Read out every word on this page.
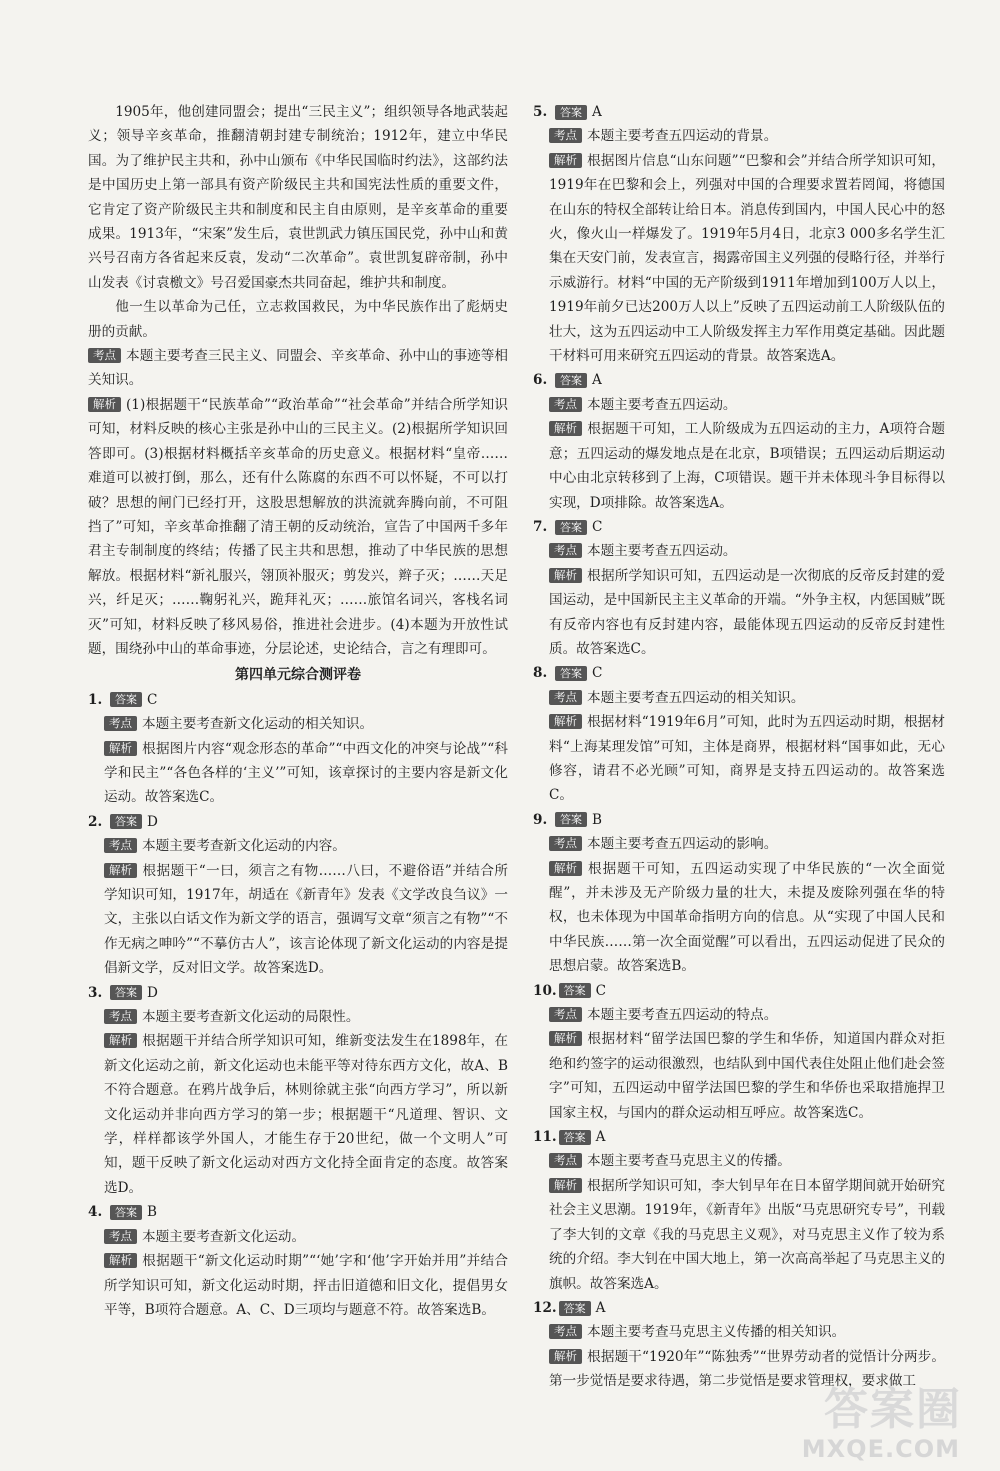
1905年，他创建同盟会；提出“三民主义”；组织领导各地武装起义；领导辛亥革命，推翻清朝封建专制统治；1912年，建立中华民国。为了维护民主共和，孙中山颁布《中华民国临时约法》，这部约法是中国历史上第一部具有资产阶级民主共和国宪法性质的重要文件，它肯定了资产阶级民主共和制度和民主自由原则，是辛亥革命的重要成果。1913年，“宋案”发生后，袁世凯武力镇压国民党，孙中山和黄兴号召南方各省起来反袁，发动“二次革命”。袁世凯复辟帝制，孙中山发表《讨袁檄文》号召爱国豪杰共同奋起，维护共和制度。

他一生以革命为己任，立志救国救民，为中华民族作出了彪炳史册的贡献。

考点 本题主要考查三民主义、同盟会、辛亥革命、孙中山的事迹等相关知识。

解析 (1)根据题干“民族革命”“政治革命”“社会革命”并结合所学知识可知，材料反映的核心主张是孙中山的三民主义。(2)根据所学知识回答即可。(3)根据材料概括辛亥革命的历史意义。根据材料“皇帝……难道可以被打倒，那么，还有什么陈腐的东西不可以怀疑，不可以打破？思想的闸门已经打开，这股思想解放的洪流就奔腾向前，不可阻挡了”可知，辛亥革命推翻了清王朝的反动统治，宣告了中国两千多年君主专制制度的终结；传播了民主共和思想，推动了中华民族的思想解放。根据材料“新礼服兴，翎顶补服灭；剪发兴，辫子灭；……天足兴，纤足灭；……鞠躬礼兴，跪拜礼灭；……旅馆名词兴，客栈名词灭”可知，材料反映了移风易俗，推进社会进步。(4)本题为开放性试题，围绕孙中山的革命事迹，分层论述，史论结合，言之有理即可。

第四单元综合测评卷

1.	答案 C

考点 本题主要考查新文化运动的相关知识。

解析 根据图片内容“观念形态的革命”“中西文化的冲突与论战”“科学和民主”“各色各样的‘主义’”可知，该章探讨的主要内容是新文化运动。故答案选C。

2.	答案 D

考点 本题主要考查新文化运动的内容。

解析 根据题干“一曰，须言之有物……八曰，不避俗语”并结合所学知识可知，1917年，胡适在《新青年》发表《文学改良刍议》一文，主张以白话文作为新文学的语言，强调写文章“须言之有物”“不作无病之呻吟”“不摹仿古人”，该言论体现了新文化运动的内容是提倡新文学，反对旧文学。故答案选D。

3.	答案 D

考点 本题主要考查新文化运动的局限性。

解析 根据题干并结合所学知识可知，维新变法发生在1898年，在新文化运动之前，新文化运动也未能平等对待东西方文化，故A、B不符合题意。在鸦片战争后，林则徐就主张“向西方学习”，所以新文化运动并非向西方学习的第一步；根据题干“凡道理、智识、文学，样样都该学外国人，才能生存于20世纪，做一个文明人”可知，题干反映了新文化运动对西方文化持全面肯定的态度。故答案选D。

4.	答案 B

考点 本题主要考查新文化运动。

解析 根据题干“新文化运动时期”“‘她’字和‘他’字开始并用”并结合所学知识可知，新文化运动时期，抨击旧道德和旧文化，提倡男女平等，B项符合题意。A、C、D三项均与题意不符。故答案选B。

5.	答案 A

考点 本题主要考查五四运动的背景。

解析 根据图片信息“山东问题”“巴黎和会”并结合所学知识可知，1919年在巴黎和会上，列强对中国的合理要求置若罔闻，将德国在山东的特权全部转让给日本。消息传到国内，中国人民心中的怒火，像火山一样爆发了。1919年5月4日，北京3 000多名学生汇集在天安门前，发表宣言，揭露帝国主义列强的侵略行径，并举行示威游行。材料“中国的无产阶级到1911年增加到100万人以上，1919年前夕已达200万人以上”反映了五四运动前工人阶级队伍的壮大，这为五四运动中工人阶级发挥主力军作用奠定基础。因此题干材料可用来研究五四运动的背景。故答案选A。

6.	答案 A

考点 本题主要考查五四运动。

解析 根据题干可知，工人阶级成为五四运动的主力，A项符合题意；五四运动的爆发地点是在北京，B项错误；五四运动后期运动中心由北京转移到了上海，C项错误。题干并未体现斗争目标得以实现，D项排除。故答案选A。

7.	答案 C

考点 本题主要考查五四运动。

解析 根据所学知识可知，五四运动是一次彻底的反帝反封建的爱国运动，是中国新民主主义革命的开端。“外争主权，内惩国贼”既有反帝内容也有反封建内容，最能体现五四运动的反帝反封建性质。故答案选C。

8.	答案 C

考点 本题主要考查五四运动的相关知识。

解析 根据材料“1919年6月”可知，此时为五四运动时期，根据材料“上海某理发馆”可知，主体是商界，根据材料“国事如此，无心修容，请君不必光顾”可知，商界是支持五四运动的。故答案选C。

9.	答案 B

考点 本题主要考查五四运动的影响。

解析 根据题干可知，五四运动实现了中华民族的“一次全面觉醒”，并未涉及无产阶级力量的壮大，未提及废除列强在华的特权，也未体现为中国革命指明方向的信息。从“实现了中国人民和中华民族……第一次全面觉醒”可以看出，五四运动促进了民众的思想启蒙。故答案选B。

10. 答案 C

考点 本题主要考查五四运动的特点。

解析 根据材料“留学法国巴黎的学生和华侨，知道国内群众对拒绝和约签字的运动很激烈，也结队到中国代表住处阻止他们赴会签字”可知，五四运动中留学法国巴黎的学生和华侨也采取措施捍卫国家主权，与国内的群众运动相互呼应。故答案选C。

11. 答案 A

考点 本题主要考查马克思主义的传播。

解析 根据所学知识可知，李大钊早年在日本留学期间就开始研究社会主义思潮。1919年，《新青年》出版“马克思研究专号”，刊载了李大钊的文章《我的马克思主义观》，对马克思主义作了较为系统的介绍。李大钊在中国大地上，第一次高高举起了马克思主义的旗帜。故答案选A。

12. 答案 A

考点 本题主要考查马克思主义传播的相关知识。

解析 根据题干“1920年”“陈独秀”“世界劳动者的觉悟计分两步。第一步觉悟是要求待遇，第二步觉悟是要求管理权，要求做工

答案圈
MXQE.COM
